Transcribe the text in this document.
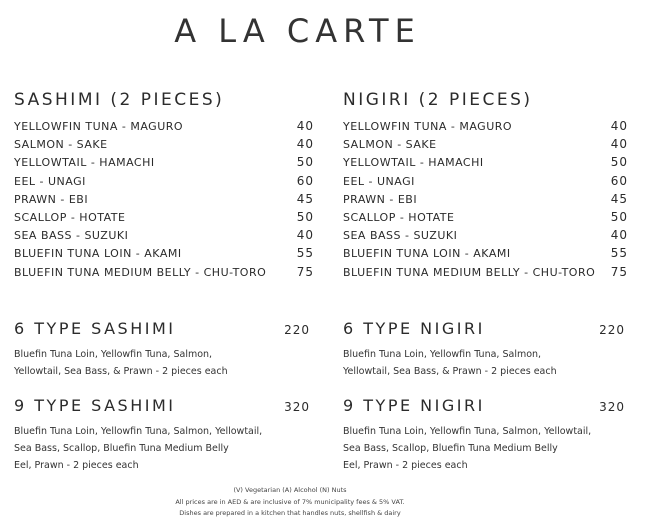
A LA CARTE
SASHIMI (2 PIECES)
YELLOWFIN TUNA - MAGURO	40
SALMON - SAKE	40
YELLOWTAIL - HAMACHI	50
EEL - UNAGI	60
PRAWN - EBI	45
SCALLOP - HOTATE	50
SEA BASS - SUZUKI	40
BLUEFIN TUNA LOIN - AKAMI	55
BLUEFIN TUNA MEDIUM BELLY - CHU-TORO	75
NIGIRI (2 PIECES)
YELLOWFIN TUNA - MAGURO	40
SALMON - SAKE	40
YELLOWTAIL - HAMACHI	50
EEL - UNAGI	60
PRAWN - EBI	45
SCALLOP - HOTATE	50
SEA BASS - SUZUKI	40
BLUEFIN TUNA LOIN - AKAMI	55
BLUEFIN TUNA MEDIUM BELLY - CHU-TORO 75
6 TYPE SASHIMI	220
Bluefin Tuna Loin, Yellowfin Tuna, Salmon,
Yellowtail, Sea Bass, & Prawn - 2 pieces each
6 TYPE NIGIRI	220
Bluefin Tuna Loin, Yellowfin Tuna, Salmon,
Yellowtail, Sea Bass, & Prawn - 2 pieces each
9 TYPE SASHIMI	320
Bluefin Tuna Loin, Yellowfin Tuna, Salmon, Yellowtail,
Sea Bass, Scallop, Bluefin Tuna Medium Belly
Eel, Prawn - 2 pieces each
9 TYPE NIGIRI	320
Bluefin Tuna Loin, Yellowfin Tuna, Salmon, Yellowtail,
Sea Bass, Scallop, Bluefin Tuna Medium Belly
Eel, Prawn - 2 pieces each
(V) Vegetarian (A) Alcohol (N) Nuts
All prices are in AED & are inclusive of 7% municipality fees & 5% VAT.
Dishes are prepared in a kitchen that handles nuts, shellfish & dairy
